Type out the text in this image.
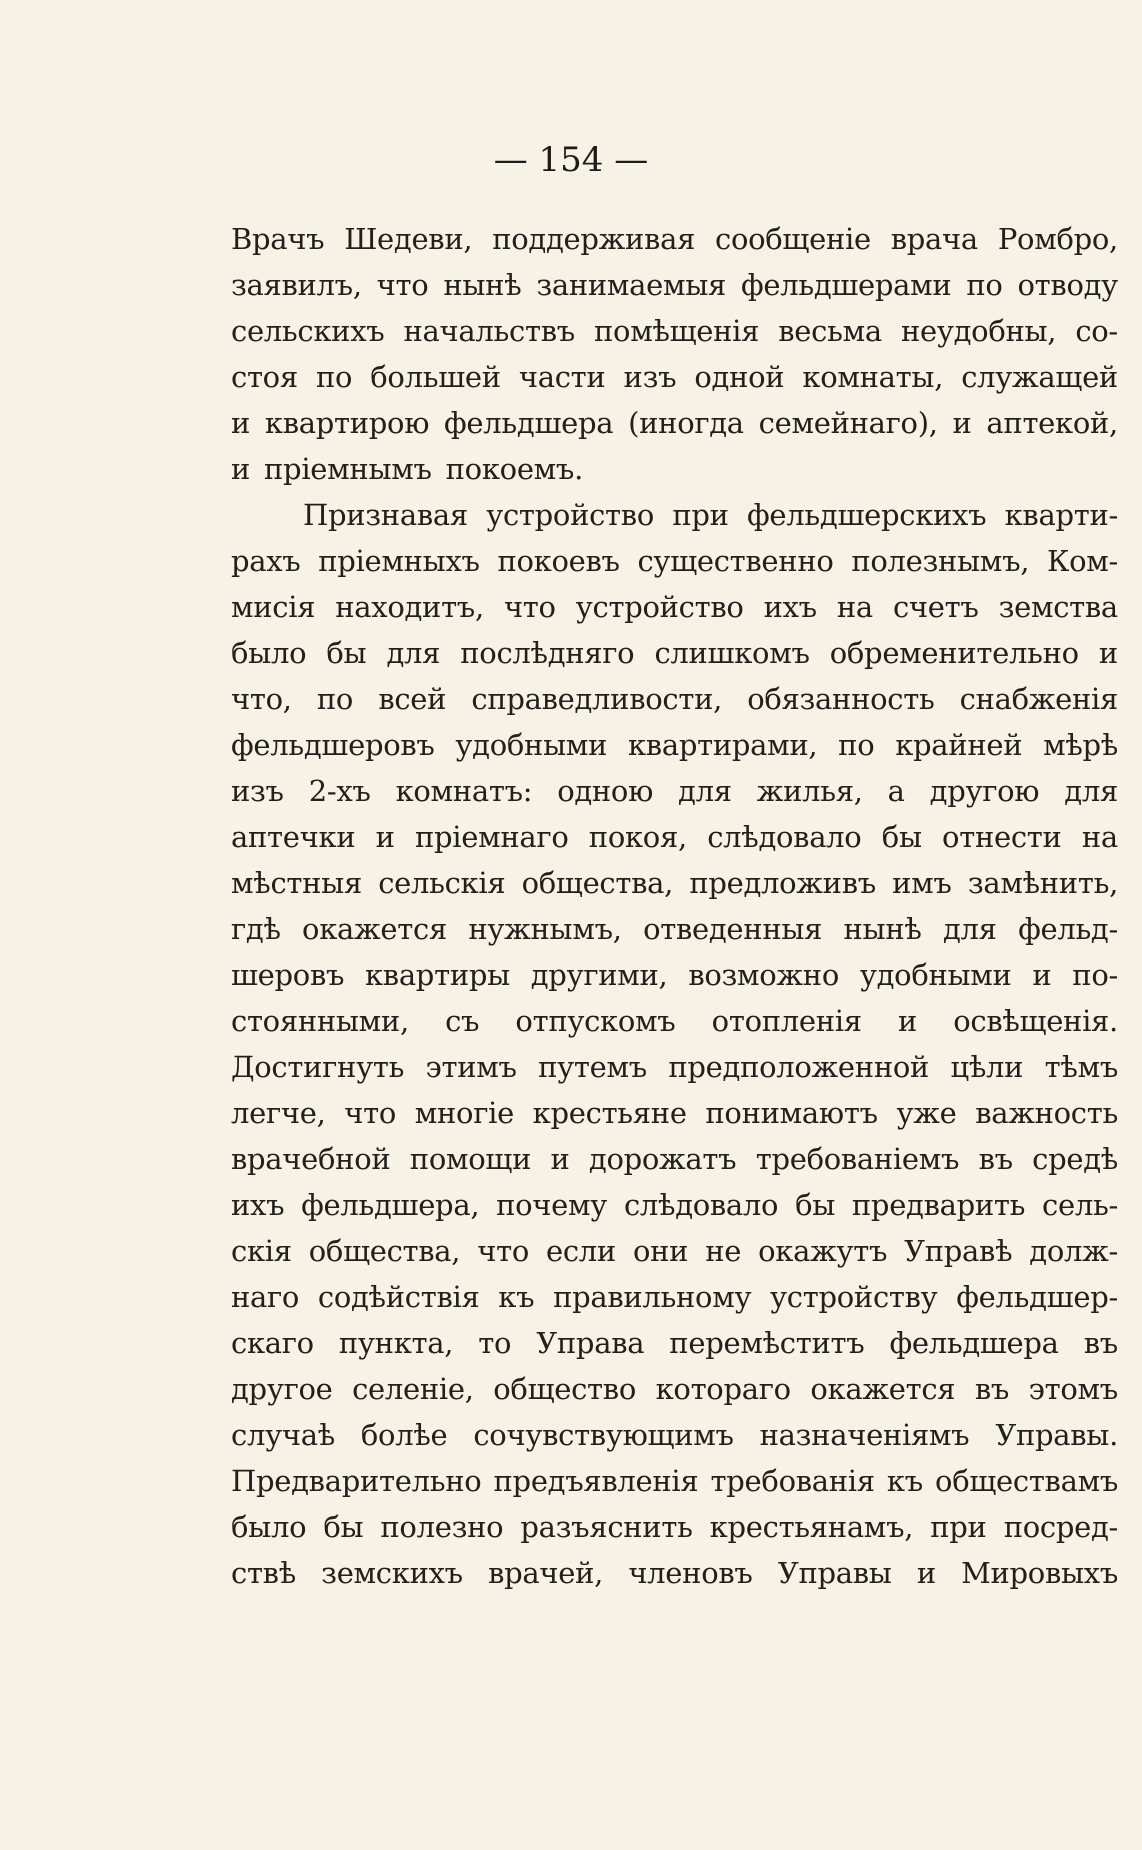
— 154 —
Врачъ Шедеви, поддерживая сообщеніе врача Ромбро,
заявилъ, что нынѣ занимаемыя фельдшерами по отводу
сельскихъ начальствъ помѣщенія весьма неудобны, со-
стоя по большей части изъ одной комнаты, служащей
и квартирою фельдшера (иногда семейнаго), и аптекой,
и пріемнымъ покоемъ.
Признавая устройство при фельдшерскихъ кварти-
рахъ пріемныхъ покоевъ существенно полезнымъ, Ком-
мисія находитъ, что устройство ихъ на счетъ земства
было бы для послѣдняго слишкомъ обременительно и
что, по всей справедливости, обязанность снабженія
фельдшеровъ удобными квартирами, по крайней мѣрѣ
изъ 2-хъ комнатъ: одною для жилья, а другою для
аптечки и пріемнаго покоя, слѣдовало бы отнести на
мѣстныя сельскія общества, предложивъ имъ замѣнить,
гдѣ окажется нужнымъ, отведенныя нынѣ для фельд-
шеровъ квартиры другими, возможно удобными и по-
стоянными, съ отпускомъ отопленія и освѣщенія.
Достигнуть этимъ путемъ предположенной цѣли тѣмъ
легче, что многіе крестьяне понимаютъ уже важность
врачебной помощи и дорожатъ требованіемъ въ средѣ
ихъ фельдшера, почему слѣдовало бы предварить сель-
скія общества, что если они не окажутъ Управѣ долж-
наго содѣйствія къ правильному устройству фельдшер-
скаго пункта, то Управа перемѣститъ фельдшера въ
другое селеніе, общество котораго окажется въ этомъ
случаѣ болѣе сочувствующимъ назначеніямъ Управы.
Предварительно предъявленія требованія къ обществамъ
было бы полезно разъяснить крестьянамъ, при посред-
ствѣ земскихъ врачей, членовъ Управы и Мировыхъ
